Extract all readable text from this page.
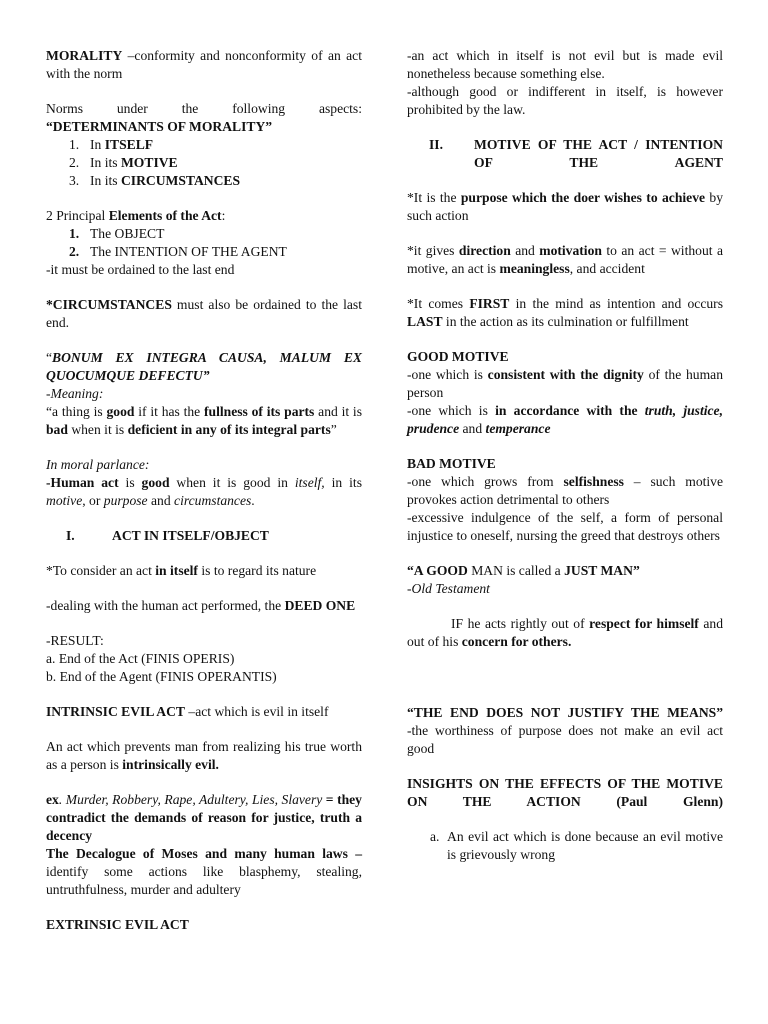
MORALITY –conformity and nonconformity of an act with the norm

Norms under the following aspects:

“DETERMINANTS OF MORALITY”

1. In ITSELF
2. In its MOTIVE
3. In its CIRCUMSTANCES

2 Principal Elements of the Act:

1. The OBJECT
2. The INTENTION OF THE AGENT

-it must be ordained to the last end

*CIRCUMSTANCES must also be ordained to the last end.

“BONUM EX INTEGRA CAUSA, MALUM EX QUOCUMQUE DEFECTU”

-Meaning:

“a thing is good if it has the fullness of its parts and it is bad when it is deficient in any of its integral parts”

In moral parlance:

-Human act is good when it is good in itself, in its motive, or purpose and circumstances.

I.	ACT IN ITSELF/OBJECT

*To consider an act in itself is to regard its nature

-dealing with the human act performed, the DEED ONE

-RESULT:

a. End of the Act (FINIS OPERIS)

b. End of the Agent (FINIS OPERANTIS)

INTRINSIC EVIL ACT –act which is evil in itself

An act which prevents man from realizing his true worth as a person is intrinsically evil.

ex. Murder, Robbery, Rape, Adultery, Lies, Slavery = they contradict the demands of reason for justice, truth a decency

The Decalogue of Moses and many human laws – identify some actions like blasphemy, stealing, untruthfulness, murder and adultery

EXTRINSIC EVIL ACT

-an act which in itself is not evil but is made evil nonetheless because something else.

-although good or indifferent in itself, is however prohibited by the law.

II. MOTIVE OF THE ACT / INTENTION OF THE AGENT

*It is the purpose which the doer wishes to achieve by such action

*it gives direction and motivation to an act = without a motive, an act is meaningless, and accident

*It comes FIRST in the mind as intention and occurs LAST in the action as its culmination or fulfillment

GOOD MOTIVE

-one which is consistent with the dignity of the human person

-one which is in accordance with the truth, justice, prudence and temperance

BAD MOTIVE

-one which grows from selfishness – such motive provokes action detrimental to others

-excessive indulgence of the self, a form of personal injustice to oneself, nursing the greed that destroys others

“A GOOD MAN is called a JUST MAN”

-Old Testament

IF he acts rightly out of respect for himself and out of his concern for others.

“THE END DOES NOT JUSTIFY THE MEANS”

-the worthiness of purpose does not make an evil act good

INSIGHTS ON THE EFFECTS OF THE MOTIVE ON THE ACTION (Paul Glenn)

a. An evil act which is done because an evil motive is grievously wrong
